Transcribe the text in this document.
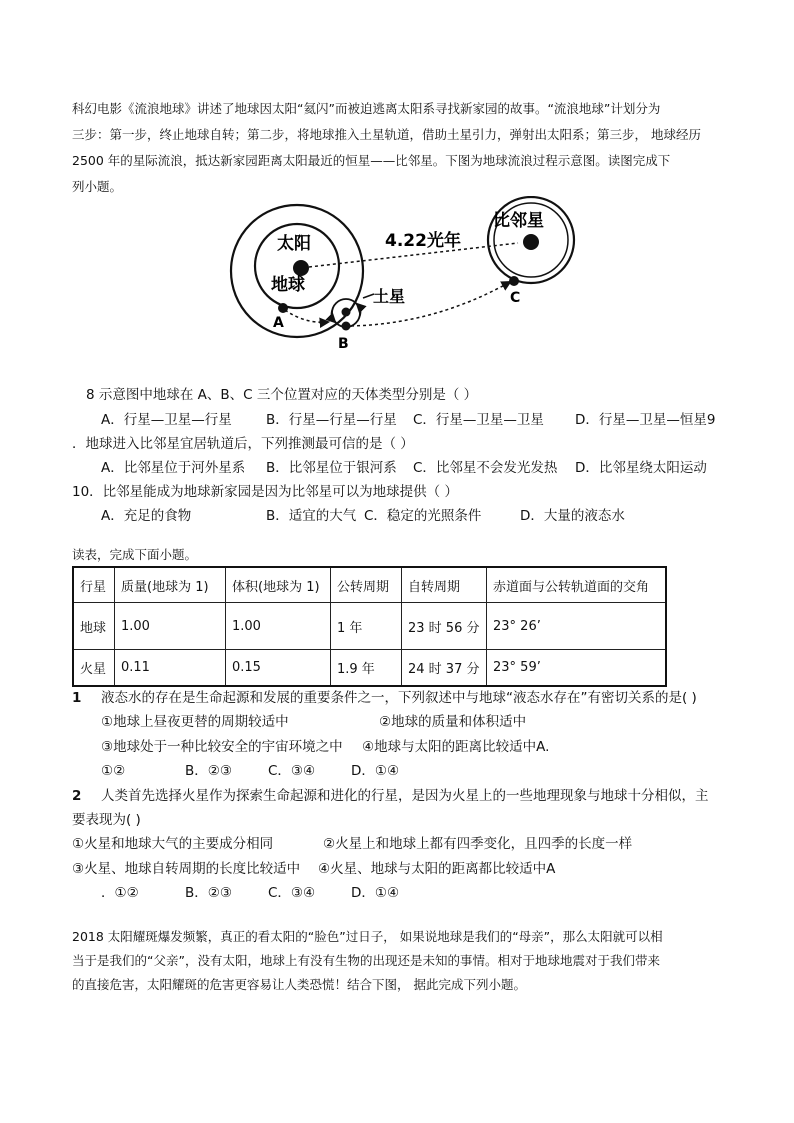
科幻电影《流浪地球》讲述了地球因太阳“氦闪”而被迫逃离太阳系寻找新家园的故事。“流浪地球”计划分为
三步：第一步，终止地球自转；第二步，将地球推入土星轨道，借助土星引力，弹射出太阳系；第三步， 地球经历
2500 年的星际流浪，抵达新家园距离太阳最近的恒星——比邻星。下图为地球流浪过程示意图。读图完成下
列小题。
太阳
地球
A
B
土星
4.22光年
比邻星
C
8 示意图中地球在 A、B、C 三个位置对应的天体类型分别是（ ）
A．行星—卫星—行星	B．行星—行星—行星 C．行星—卫星—卫星 D．行星—卫星—恒星9
．地球进入比邻星宜居轨道后，下列推测最可信的是（ ）
A．比邻星位于河外星系 B．比邻星位于银河系 C．比邻星不会发光发热 D．比邻星绕太阳运动
10．比邻星能成为地球新家园是因为比邻星可以为地球提供（ ）
A．充足的食物	B．适宜的大气 C．稳定的光照条件	D．大量的液态水
读表，完成下面小题。
行星	质量(地球为 1)	体积(地球为 1)	公转周期	自转周期	赤道面与公转轨道面的交角
地球	1.00	1.00	1 年	23 时 56 分	23° 26’
火星	0.11	0.15	1.9 年	24 时 37 分	23° 59’
1 液态水的存在是生命起源和发展的重要条件之一，下列叙述中与地球“液态水存在”有密切关系的是( )
①地球上昼夜更替的周期较适中	②地球的质量和体积适中
③地球处于一种比较安全的宇宙环境之中 ④地球与太阳的距离比较适中A.
①②	B．②③	C．③④	D．①④
2 人类首先选择火星作为探索生命起源和进化的行星，是因为火星上的一些地理现象与地球十分相似，主
要表现为( )
①火星和地球大气的主要成分相同	②火星上和地球上都有四季变化，且四季的长度一样
③火星、地球自转周期的长度比较适中 ④火星、地球与太阳的距离都比较适中A
．①②	B．②③	C．③④	D．①④
2018 太阳耀斑爆发频繁，真正的看太阳的“脸色”过日子， 如果说地球是我们的“母亲”，那么太阳就可以相
当于是我们的“父亲”，没有太阳，地球上有没有生物的出现还是未知的事情。相对于地球地震对于我们带来
的直接危害，太阳耀斑的危害更容易让人类恐慌！结合下图， 据此完成下列小题。
